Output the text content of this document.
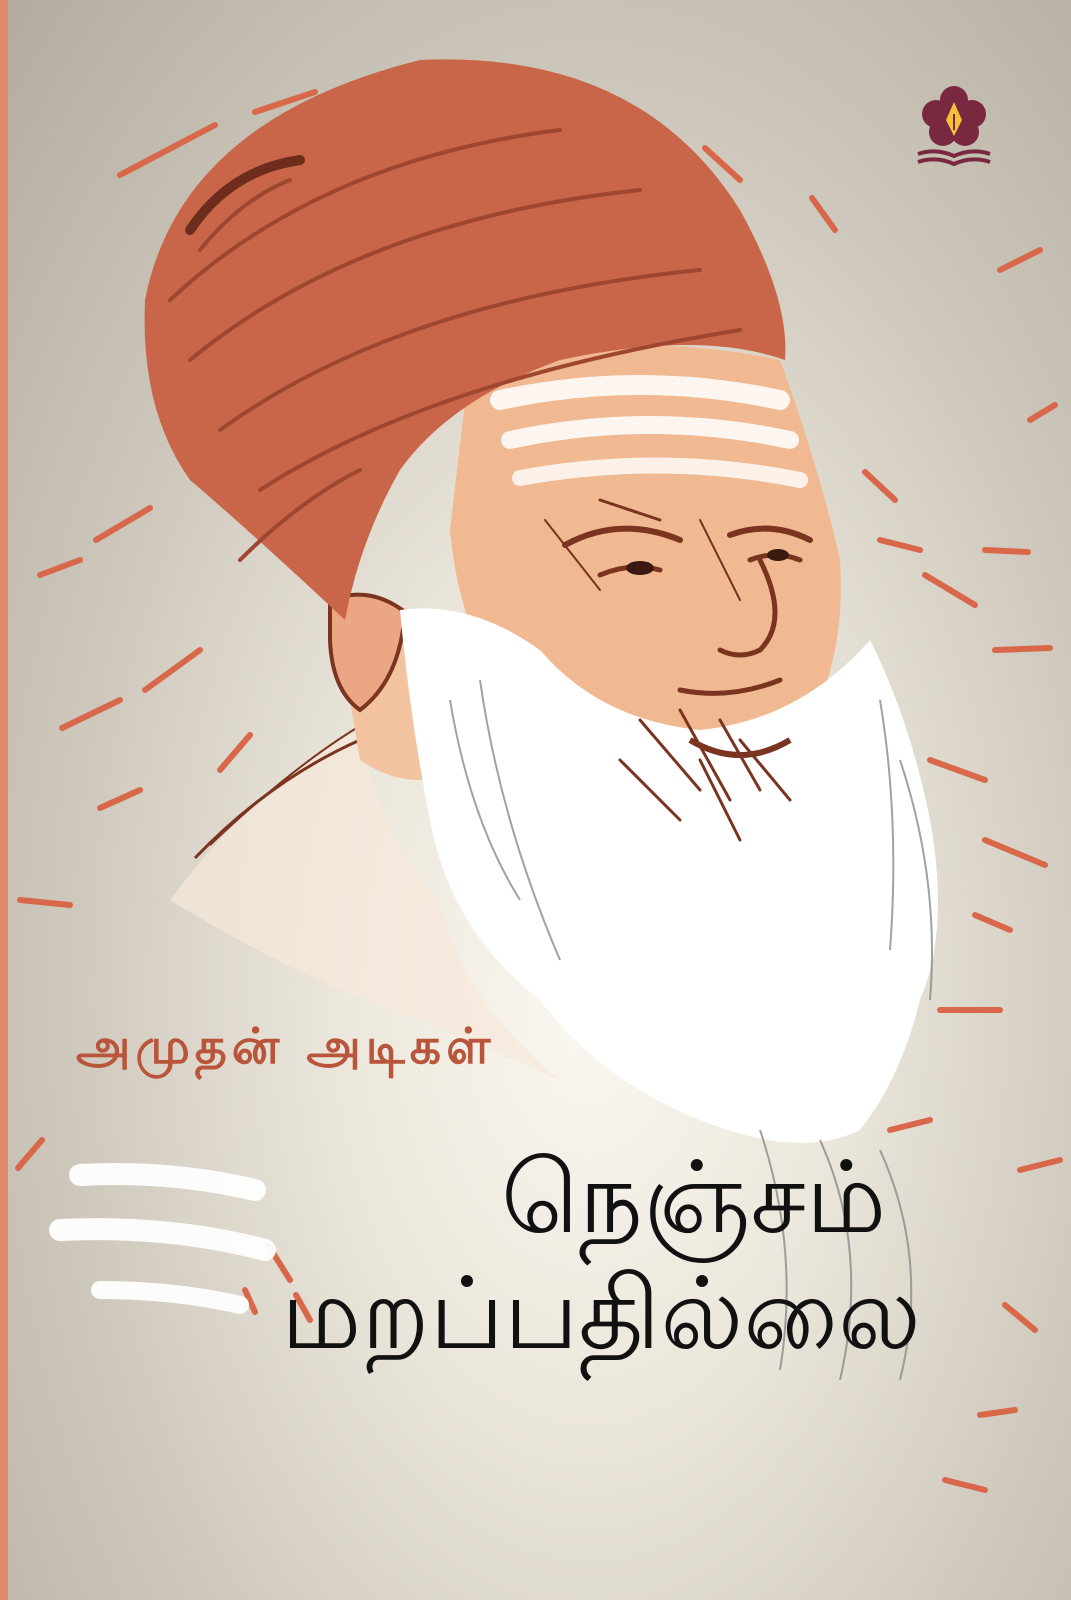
அமுதன் அடிகள்
நெஞ்சம்
மறப்பதில்லை
